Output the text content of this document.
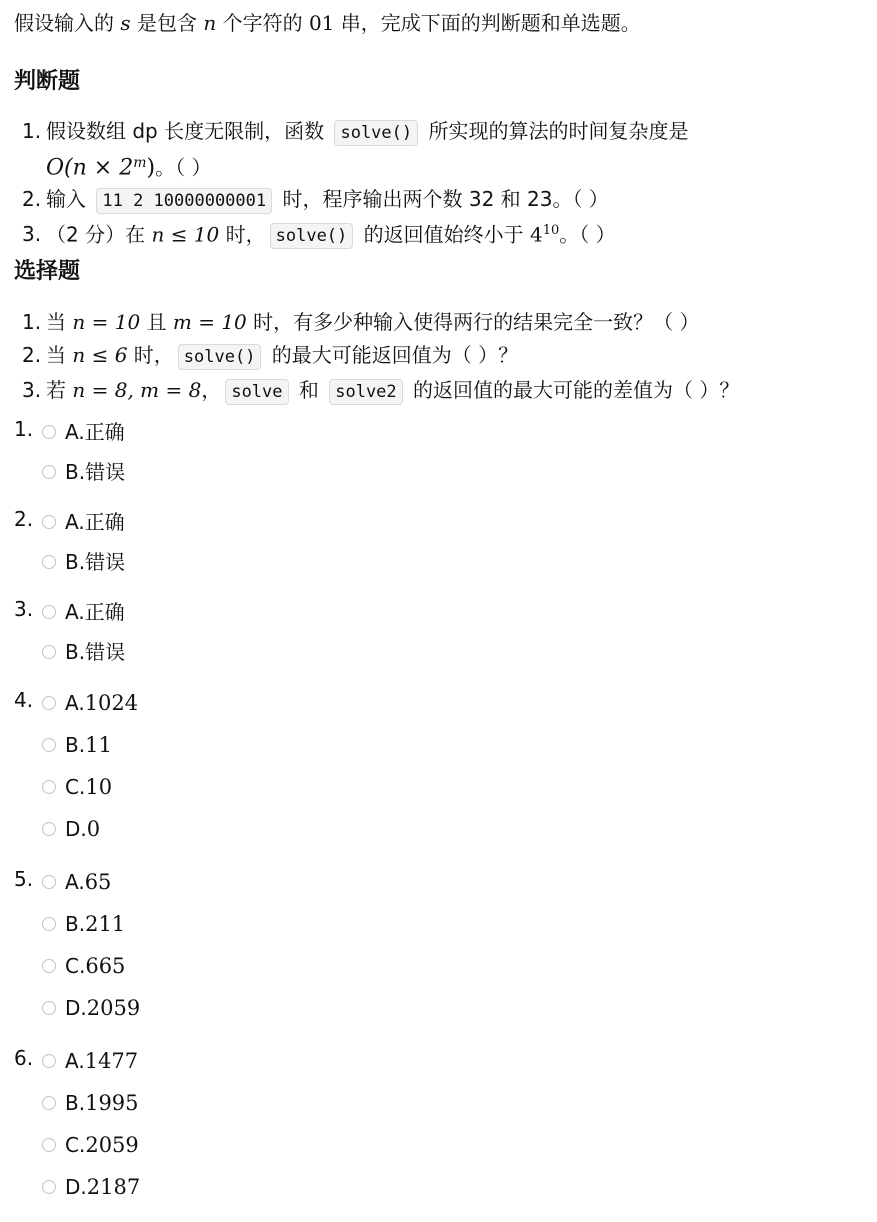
假设输入的 s 是包含 n 个字符的 01 串，完成下面的判断题和单选题。
判断题
1. 假设数组 dp 长度无限制，函数 solve() 所实现的算法的时间复杂度是
$O(n \times 2^m)$。（ ）
2. 输入 11 2 10000000001 时，程序输出两个数 32 和 23。（ ）
3. （2 分）在 n ≤ 10 时， solve() 的返回值始终小于 $4^{10}$。（ ）
选择题
1. 当 n = 10 且 m = 10 时，有多少种输入使得两行的结果完全一致？（ ）
2. 当 n ≤ 6 时， solve() 的最大可能返回值为（ ）？
3. 若 n = 8, m = 8， solve 和 solve2 的返回值的最大可能的差值为（ ）？
1.	A.正确
B.错误
2.	A.正确
B.错误
3.	A.正确
B.错误
4.	A.1024
B.11
C.10
D.0
5.	A.65
B.211
C.665
D.2059
6.	A.1477
B.1995
C.2059
D.2187
